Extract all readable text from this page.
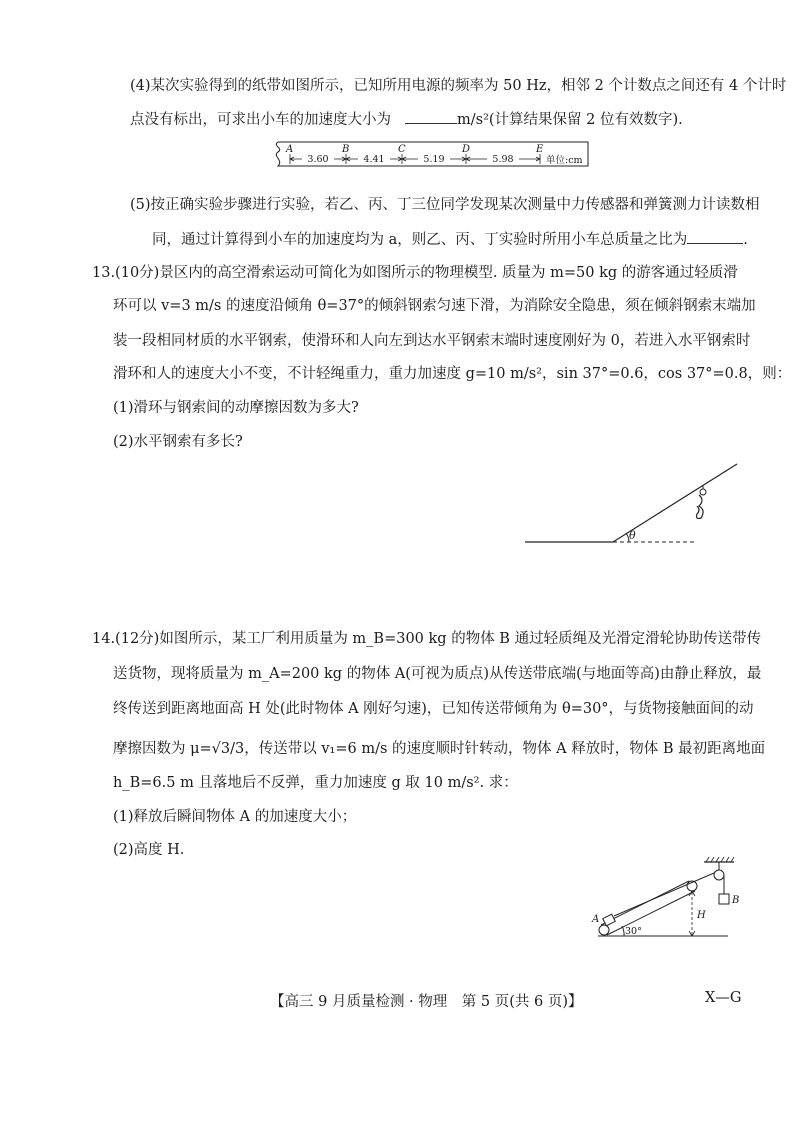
(4)某次实验得到的纸带如图所示，已知所用电源的频率为 50 Hz，相邻 2 个计数点之间还有 4 个计时
点没有标出，可求出小车的加速度大小为	m/s²(计算结果保留 2 位有效数字).
A	B	C	D	E
3.60	4.41	5.19	5.98	单位:cm
(5)按正确实验步骤进行实验，若乙、丙、丁三位同学发现某次测量中力传感器和弹簧测力计读数相
同，通过计算得到小车的加速度均为 a，则乙、丙、丁实验时所用小车总质量之比为	.
13.(10分)景区内的高空滑索运动可简化为如图所示的物理模型. 质量为 m=50 kg 的游客通过轻质滑
环可以 v=3 m/s 的速度沿倾角 θ=37°的倾斜钢索匀速下滑，为消除安全隐患，须在倾斜钢索末端加
装一段相同材质的水平钢索，使滑环和人向左到达水平钢索末端时速度刚好为 0，若进入水平钢索时
滑环和人的速度大小不变，不计轻绳重力，重力加速度 g=10 m/s²，sin 37°=0.6，cos 37°=0.8，则：
(1)滑环与钢索间的动摩擦因数为多大?
(2)水平钢索有多长?
θ
14.(12分)如图所示，某工厂利用质量为 m_B=300 kg 的物体 B 通过轻质绳及光滑定滑轮协助传送带传
送货物，现将质量为 m_A=200 kg 的物体 A(可视为质点)从传送带底端(与地面等高)由静止释放，最
终传送到距离地面高 H 处(此时物体 A 刚好匀速)，已知传送带倾角为 θ=30°，与货物接触面间的动
摩擦因数为 μ=√3/3，传送带以 v₁=6 m/s 的速度顺时针转动，物体 A 释放时，物体 B 最初距离地面
h_B=6.5 m 且落地后不反弹，重力加速度 g 取 10 m/s². 求：
(1)释放后瞬间物体 A 的加速度大小；
(2)高度 H.
B
A
30°
H
【高三 9 月质量检测 · 物理　第 5 页(共 6 页)】	X—G
